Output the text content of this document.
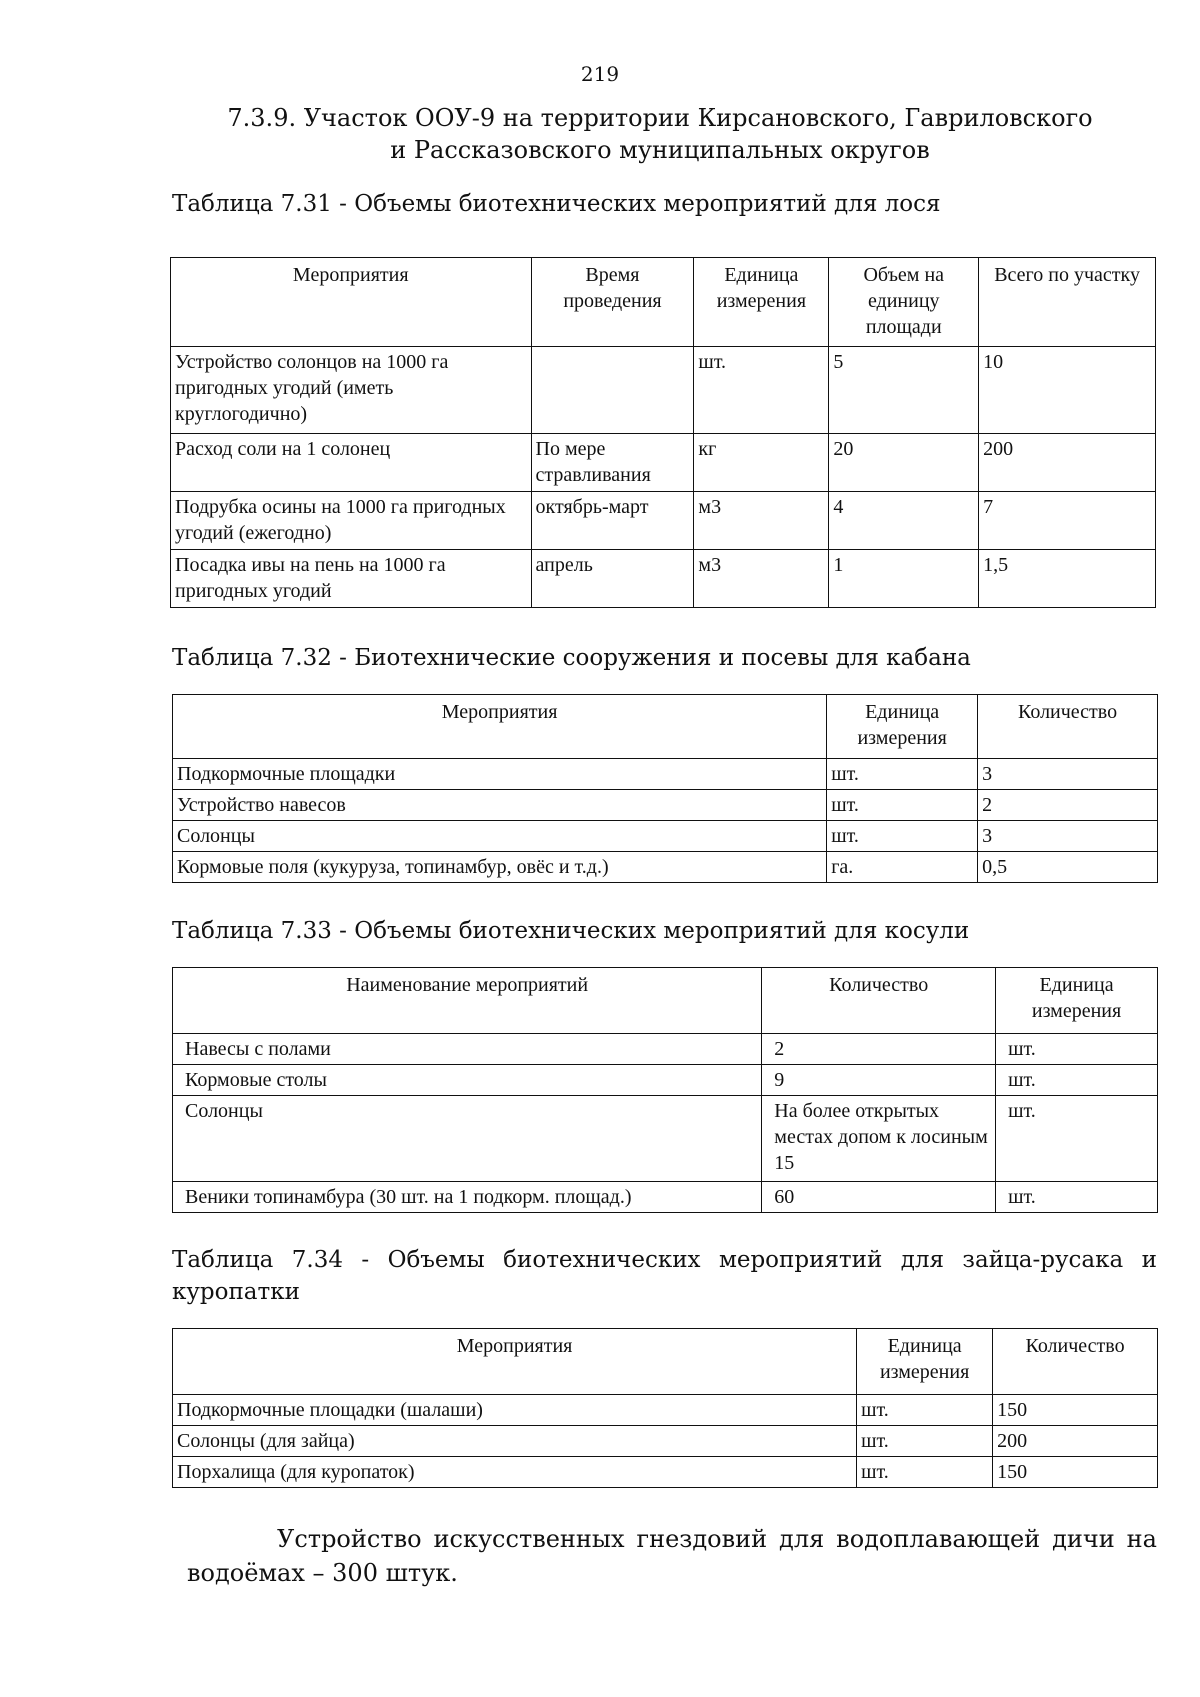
219
7.3.9. Участок ООУ-9 на территории Кирсановского, Гавриловского и Рассказовского муниципальных округов
Таблица 7.31 - Объемы биотехнических мероприятий для лося
Мероприятия	Время проведения	Единица измерения	Объем на единицу площади	Всего по участку
Устройство солонцов на 1000 га пригодных угодий (иметь круглогодично)		шт.	5	10
Расход соли на 1 солонец	По мере стравливания	кг	20	200
Подрубка осины на 1000 га пригодных угодий (ежегодно)	октябрь-март	м3	4	7
Посадка ивы на пень на 1000 га пригодных угодий	апрель	м3	1	1,5
Таблица 7.32 - Биотехнические сооружения и посевы для кабана
Мероприятия	Единица измерения	Количество
Подкормочные площадки	шт.	3
Устройство навесов	шт.	2
Солонцы	шт.	3
Кормовые поля (кукуруза, топинамбур, овёс и т.д.)	га.	0,5
Таблица 7.33 - Объемы биотехнических мероприятий для косули
Наименование мероприятий	Количество	Единица измерения
Навесы с полами	2	шт.
Кормовые столы	9	шт.
Солонцы	На более открытых местах допом к лосиным 15	шт.
Веники топинамбура (30 шт. на 1 подкорм. площад.)	60	шт.
Таблица 7.34 - Объемы биотехнических мероприятий для зайца-русака и куропатки
Мероприятия	Единица измерения	Количество
Подкормочные площадки (шалаши)	шт.	150
Солонцы (для зайца)	шт.	200
Порхалища (для куропаток)	шт.	150
Устройство искусственных гнездовий для водоплавающей дичи на водоёмах – 300 штук.
